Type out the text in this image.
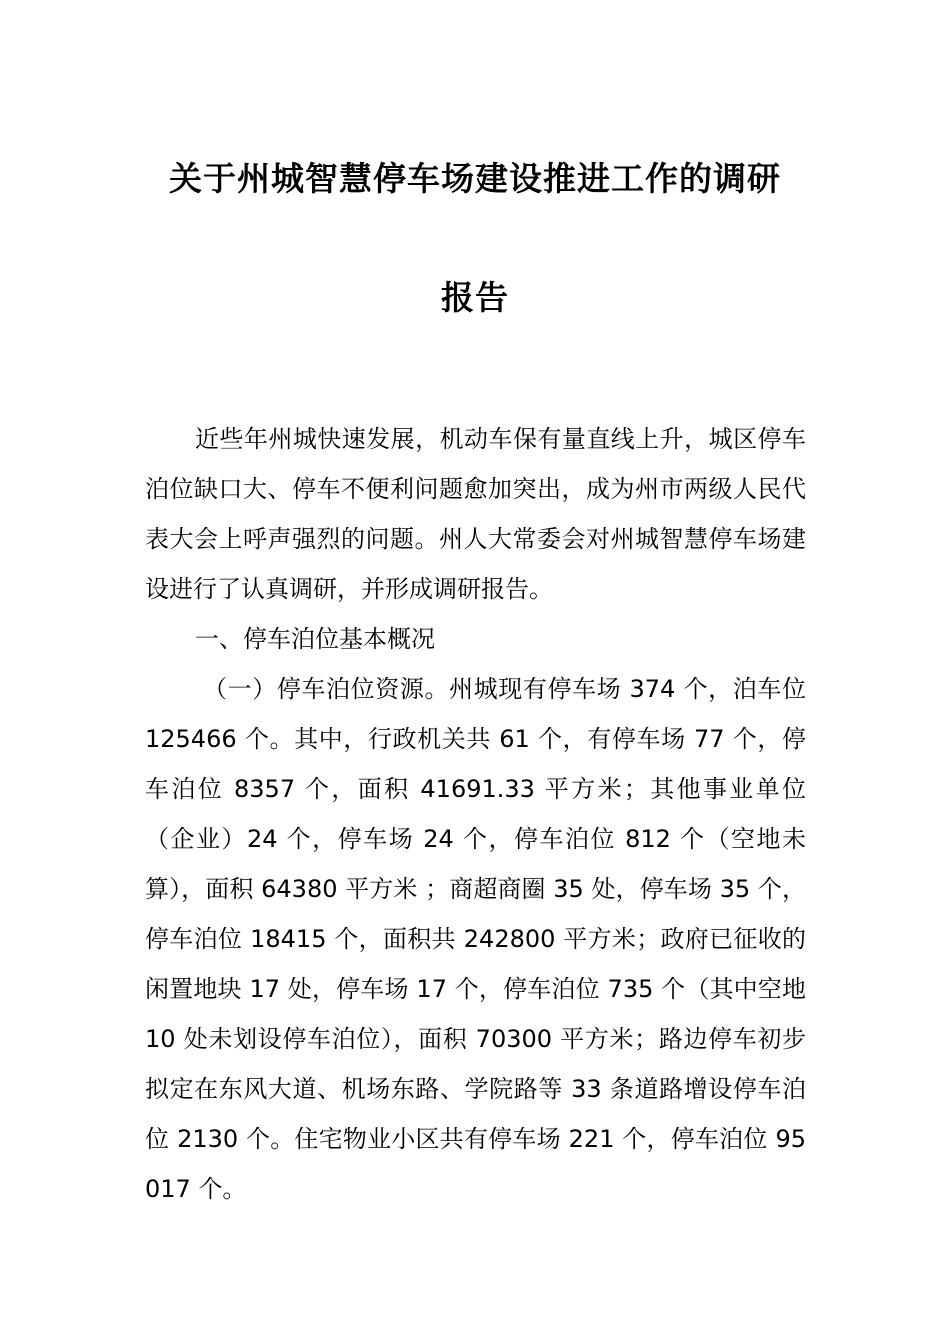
关于州城智慧停车场建设推进工作的调研
报告

近些年州城快速发展，机动车保有量直线上升，城区停车泊位缺口大、停车不便利问题愈加突出，成为州市两级人民代表大会上呼声强烈的问题。州人大常委会对州城智慧停车场建设进行了认真调研，并形成调研报告。

一、停车泊位基本概况

（一）停车泊位资源。州城现有停车场 374 个，泊车位 125466 个。其中，行政机关共 61 个，有停车场 77 个，停车泊位 8357 个，面积 41691.33 平方米；其他事业单位（企业）24 个，停车场 24 个，停车泊位 812 个（空地未算），面积 64380 平方米 ；商超商圈 35 处，停车场 35 个，停车泊位 18415 个，面积共 242800 平方米；政府已征收的闲置地块 17 处，停车场 17 个，停车泊位 735 个（其中空地 10 处未划设停车泊位），面积 70300 平方米；路边停车初步拟定在东风大道、机场东路、学院路等 33 条道路增设停车泊位 2130 个。住宅物业小区共有停车场 221 个，停车泊位 95017 个。
